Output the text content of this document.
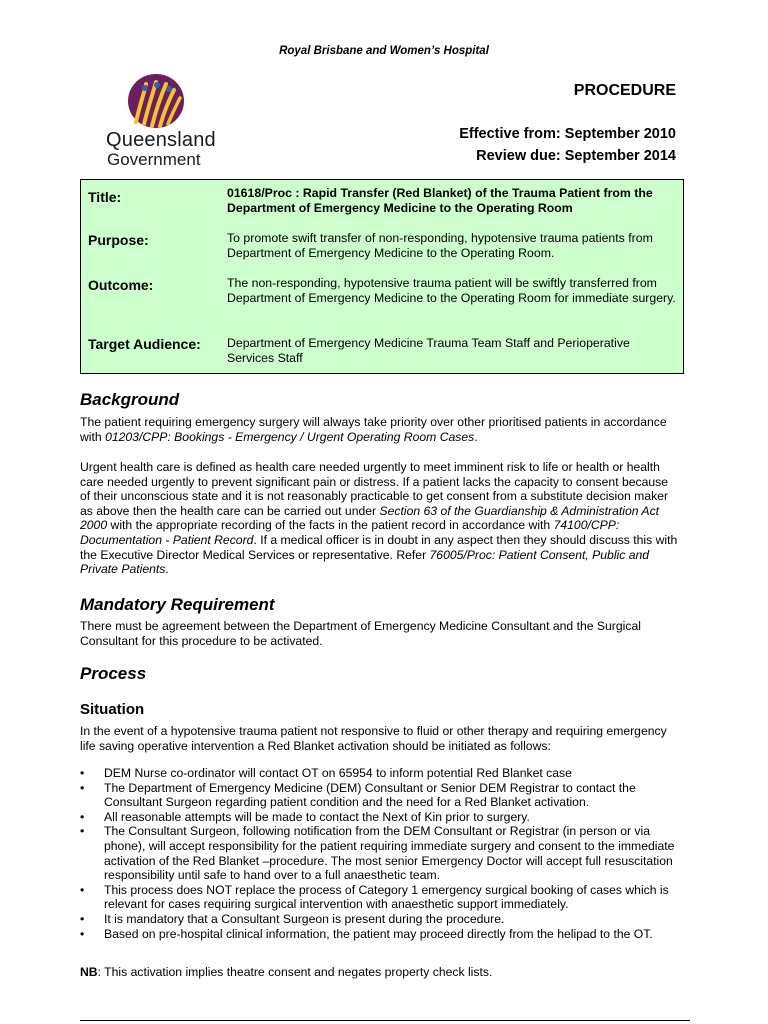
Royal Brisbane and Women’s Hospital
Queensland
Government
PROCEDURE
Effective from: September 2010
Review due: September 2014
Title:	01618/Proc : Rapid Transfer (Red Blanket) of the Trauma Patient from the Department of Emergency Medicine to the Operating Room
Purpose:	To promote swift transfer of non-responding, hypotensive trauma patients from Department of Emergency Medicine to the Operating Room.
Outcome:	The non-responding, hypotensive trauma patient will be swiftly transferred from Department of Emergency Medicine to the Operating Room for immediate surgery.
Target Audience: Department of Emergency Medicine Trauma Team Staff and Perioperative Services Staff
Background

The patient requiring emergency surgery will always take priority over other prioritised patients in accordance with 01203/CPP: Bookings - Emergency / Urgent Operating Room Cases.

Urgent health care is defined as health care needed urgently to meet imminent risk to life or health or health care needed urgently to prevent significant pain or distress. If a patient lacks the capacity to consent because of their unconscious state and it is not reasonably practicable to get consent from a substitute decision maker as above then the health care can be carried out under Section 63 of the Guardianship & Administration Act 2000 with the appropriate recording of the facts in the patient record in accordance with 74100/CPP: Documentation - Patient Record. If a medical officer is in doubt in any aspect then they should discuss this with the Executive Director Medical Services or representative. Refer 76005/Proc: Patient Consent, Public and Private Patients.

Mandatory Requirement

There must be agreement between the Department of Emergency Medicine Consultant and the Surgical Consultant for this procedure to be activated.

Process
Situation

In the event of a hypotensive trauma patient not responsive to fluid or other therapy and requiring emergency life saving operative intervention a Red Blanket activation should be initiated as follows:

• DEM Nurse co-ordinator will contact OT on 65954 to inform potential Red Blanket case
• The Department of Emergency Medicine (DEM) Consultant or Senior DEM Registrar to contact the Consultant Surgeon regarding patient condition and the need for a Red Blanket activation.
• All reasonable attempts will be made to contact the Next of Kin prior to surgery.
• The Consultant Surgeon, following notification from the DEM Consultant or Registrar (in person or via phone), will accept responsibility for the patient requiring immediate surgery and consent to the immediate activation of the Red Blanket –procedure. The most senior Emergency Doctor will accept full resuscitation responsibility until safe to hand over to a full anaesthetic team.
• This process does NOT replace the process of Category 1 emergency surgical booking of cases which is relevant for cases requiring surgical intervention with anaesthetic support immediately.
• It is mandatory that a Consultant Surgeon is present during the procedure.
• Based on pre-hospital clinical information, the patient may proceed directly from the helipad to the OT.
NB: This activation implies theatre consent and negates property check lists.
